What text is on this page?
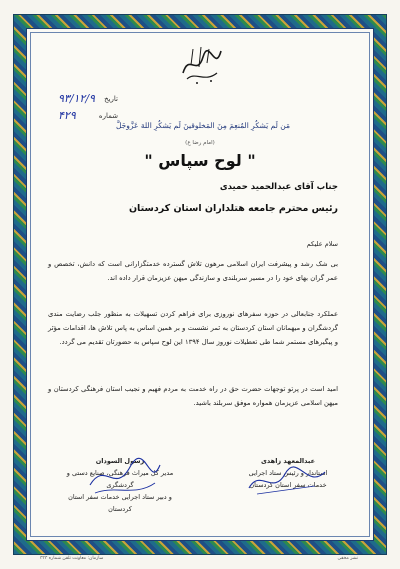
تاریخ
۹۳/۱۲/۹
شماره
۴۲۹
مَن لَم یَشکُرِ المُنعِمَ مِنَ المَخلوقینَ لَم یَشکُرِ اللهَ عَزَّوجَلَّ
(امام رضا ع)
" لوح سپاس "
جناب آقای عبدالحمید حمیدی
رئیس محترم جامعه هتلداران استان کردستان
سلام علیکم
بی شک رشد و پیشرفت ایران اسلامی مرهون تلاش گسترده خدمتگزارانی است که دانش، تخصص و عمر گران بهای خود را در مسیر سربلندی و سازندگی میهن عزیزمان قرار داده اند.
عملکرد جنابعالی در حوزه سفرهای نوروزی برای فراهم کردن تسهیلات به منظور جلب رضایت مندی گردشگران و میهمانان استان کردستان به ثمر نشست و بر همین اساس به پاس تلاش ها، اقدامات مؤثر و پیگیرهای مستمر شما طی تعطیلات نوروز سال ۱۳۹۴ این لوح سپاس به حضورتان تقدیم می گردد.
امید است در پرتو توجهات حضرت حق در راه خدمت به مردم فهیم و نجیب استان فرهنگی کردستان و میهن اسلامی عزیزمان همواره موفق سربلند باشید.
رسول السودان
مدیر کل میراث فرهنگی، صنایع دستی و گردشگری
و دبیر ستاد اجرایی خدمات سفر استان کردستان
عبدالمعهد زاهدی
استاندار و رئیس ستاد اجرایی
خدمات سفر استان کردستان
سازمان: معاونت تلفن شماره ۳۳۳	نشر مخفی
